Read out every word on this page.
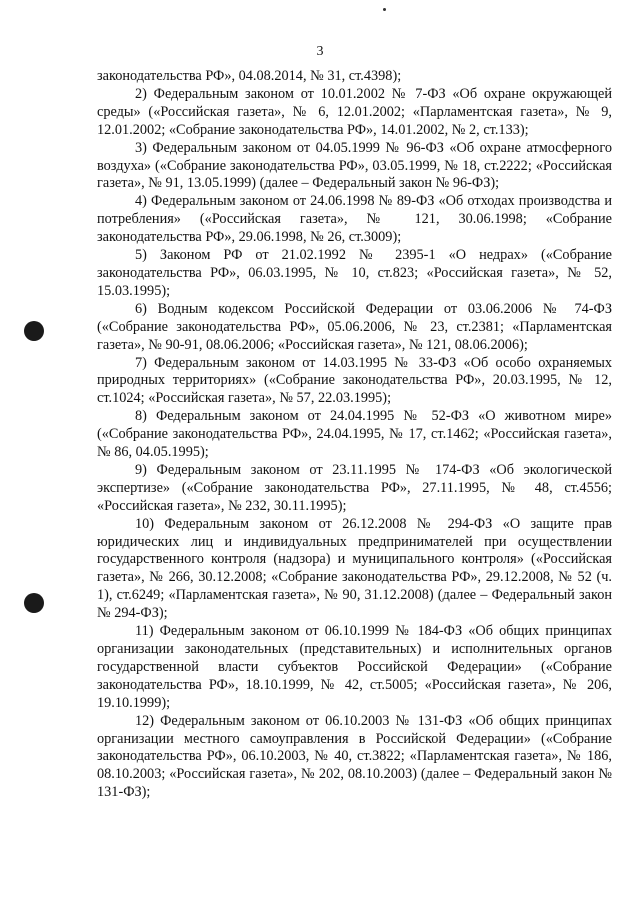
3

законодательства РФ», 04.08.2014, № 31, ст.4398);

2) Федеральным законом от 10.01.2002 № 7-ФЗ «Об охране окружающей среды» («Российская газета», № 6, 12.01.2002; «Парламентская газета», № 9, 12.01.2002; «Собрание законодательства РФ», 14.01.2002, № 2, ст.133);

3) Федеральным законом от 04.05.1999 № 96-ФЗ «Об охране атмосферного воздуха» («Собрание законодательства РФ», 03.05.1999, № 18, ст.2222; «Российская газета», № 91, 13.05.1999) (далее – Федеральный закон № 96-ФЗ);

4) Федеральным законом от 24.06.1998 № 89-ФЗ «Об отходах производства и потребления» («Российская газета», № 121, 30.06.1998; «Собрание законодательства РФ», 29.06.1998, № 26, ст.3009);

5) Законом РФ от 21.02.1992 № 2395-1 «О недрах» («Собрание законодательства РФ», 06.03.1995, № 10, ст.823; «Российская газета», № 52, 15.03.1995);

6) Водным кодексом Российской Федерации от 03.06.2006 № 74-ФЗ («Собрание законодательства РФ», 05.06.2006, № 23, ст.2381; «Парламентская газета», № 90-91, 08.06.2006; «Российская газета», № 121, 08.06.2006);

7) Федеральным законом от 14.03.1995 № 33-ФЗ «Об особо охраняемых природных территориях» («Собрание законодательства РФ», 20.03.1995, № 12, ст.1024; «Российская газета», № 57, 22.03.1995);

8) Федеральным законом от 24.04.1995 № 52-ФЗ «О животном мире» («Собрание законодательства РФ», 24.04.1995, № 17, ст.1462; «Российская газета», № 86, 04.05.1995);

9) Федеральным законом от 23.11.1995 № 174-ФЗ «Об экологической экспертизе» («Собрание законодательства РФ», 27.11.1995, № 48, ст.4556; «Российская газета», № 232, 30.11.1995);

10) Федеральным законом от 26.12.2008 № 294-ФЗ «О защите прав юридических лиц и индивидуальных предпринимателей при осуществлении государственного контроля (надзора) и муниципального контроля» («Российская газета», № 266, 30.12.2008; «Собрание законодательства РФ», 29.12.2008, № 52 (ч. 1), ст.6249; «Парламентская газета», № 90, 31.12.2008) (далее – Федеральный закон № 294-ФЗ);

11) Федеральным законом от 06.10.1999 № 184-ФЗ «Об общих принципах организации законодательных (представительных) и исполнительных органов государственной власти субъектов Российской Федерации» («Собрание законодательства РФ», 18.10.1999, № 42, ст.5005; «Российская газета», № 206, 19.10.1999);

12) Федеральным законом от 06.10.2003 № 131-ФЗ «Об общих принципах организации местного самоуправления в Российской Федерации» («Собрание законодательства РФ», 06.10.2003, № 40, ст.3822; «Парламентская газета», № 186, 08.10.2003; «Российская газета», № 202, 08.10.2003) (далее – Федеральный закон № 131-ФЗ);
